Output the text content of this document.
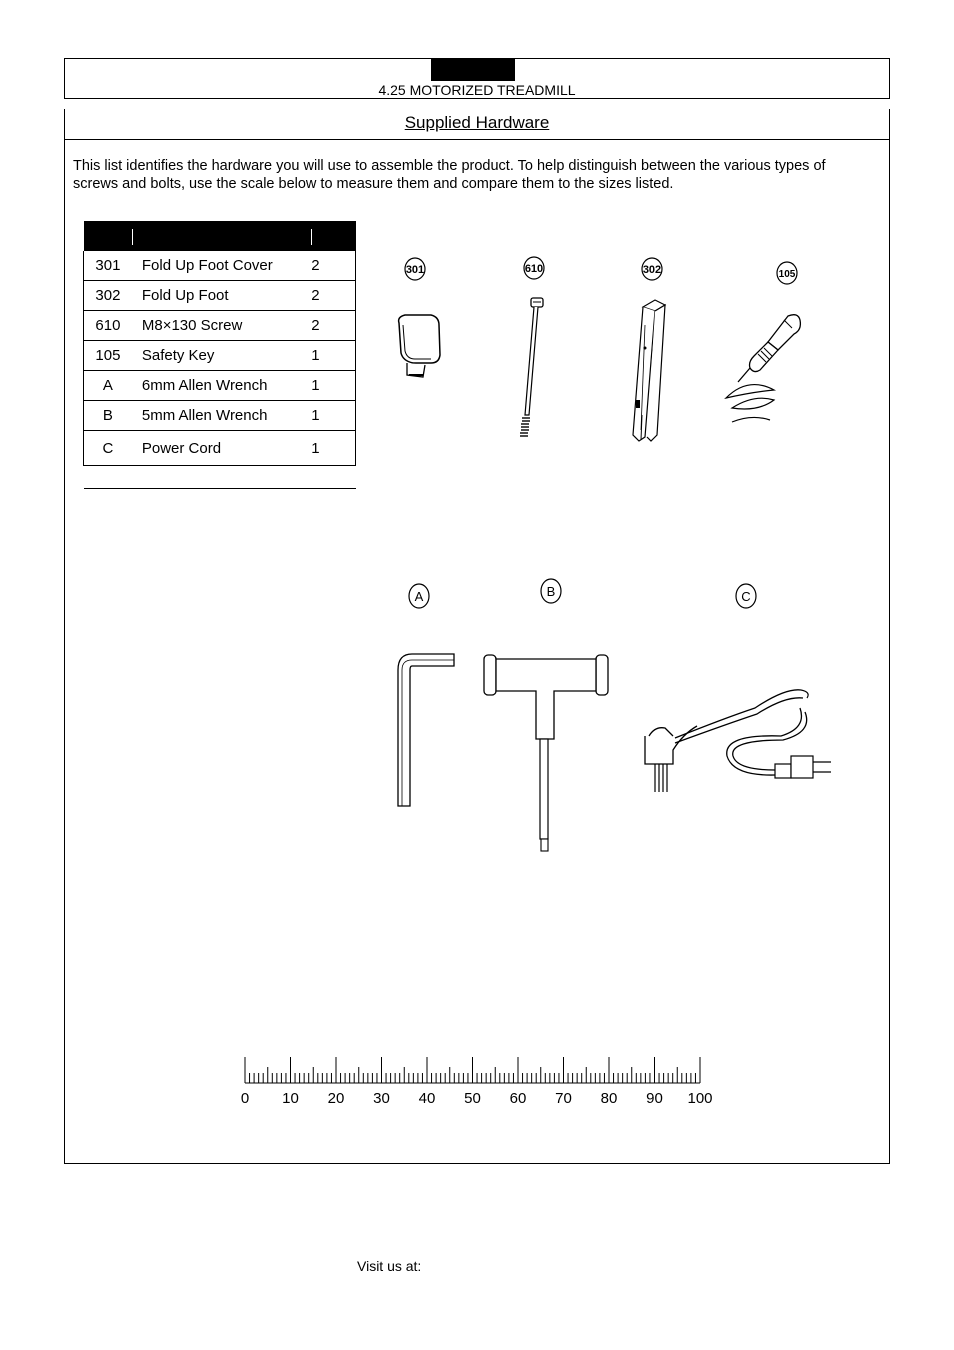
4.25 MOTORIZED TREADMILL
Supplied Hardware
This list identifies the hardware you will use to assemble the product. To help distinguish between the various types of screws and bolts, use the scale below to measure them and compare them to the sizes listed.

301	Fold Up Foot Cover	2
302	Fold Up Foot	2
610	M8×130 Screw	2
105	Safety Key	1
A	6mm Allen Wrench	1
B	5mm Allen Wrench	1
C	Power Cord	1
301	610	302	105
A	B	C
0 10 20 30 40 50 60 70 80 90 100
Visit us at:
